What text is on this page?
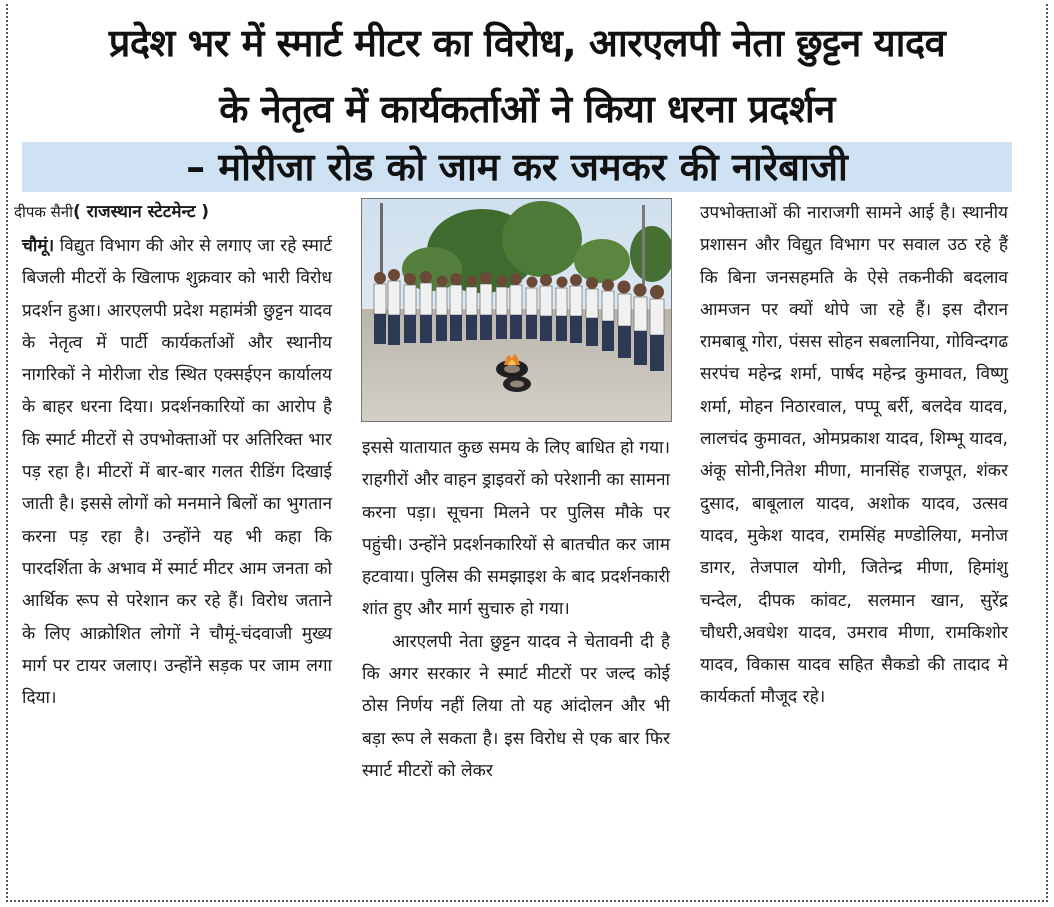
प्रदेश भर में स्मार्ट मीटर का विरोध, आरएलपी नेता छुट्टन यादव
के नेतृत्व में कार्यकर्ताओं ने किया धरना प्रदर्शन
– मोरीजा रोड को जाम कर जमकर की नारेबाजी
दीपक सैनी( राजस्थान स्टेटमेन्ट )

चौमूं। विद्युत विभाग की ओर से लगाए जा रहे स्मार्ट बिजली मीटरों के खिलाफ शुक्रवार को भारी विरोध प्रदर्शन हुआ। आरएलपी प्रदेश महामंत्री छुट्टन यादव के नेतृत्व में पार्टी कार्यकर्ताओं और स्थानीय नागरिकों ने मोरीजा रोड स्थित एक्सईएन कार्यालय के बाहर धरना दिया। प्रदर्शनकारियों का आरोप है कि स्मार्ट मीटरों से उपभोक्ताओं पर अतिरिक्त भार पड़ रहा है। मीटरों में बार-बार गलत रीडिंग दिखाई जाती है। इससे लोगों को मनमाने बिलों का भुगतान करना पड़ रहा है। उन्होंने यह भी कहा कि पारदर्शिता के अभाव में स्मार्ट मीटर आम जनता को आर्थिक रूप से परेशान कर रहे हैं। विरोध जताने के लिए आक्रोशित लोगों ने चौमूं-चंदवाजी मुख्य मार्ग पर टायर जलाए। उन्होंने सड़क पर जाम लगा दिया।

इससे यातायात कुछ समय के लिए बाधित हो गया। राहगीरों और वाहन ड्राइवरों को परेशानी का सामना करना पड़ा। सूचना मिलने पर पुलिस मौके पर पहुंची। उन्होंने प्रदर्शनकारियों से बातचीत कर जाम हटवाया। पुलिस की समझाइश के बाद प्रदर्शनकारी शांत हुए और मार्ग सुचारु हो गया।

आरएलपी नेता छुट्टन यादव ने चेतावनी दी है कि अगर सरकार ने स्मार्ट मीटरों पर जल्द कोई ठोस निर्णय नहीं लिया तो यह आंदोलन और भी बड़ा रूप ले सकता है। इस विरोध से एक बार फिर स्मार्ट मीटरों को लेकर

उपभोक्ताओं की नाराजगी सामने आई है। स्थानीय प्रशासन और विद्युत विभाग पर सवाल उठ रहे हैं कि बिना जनसहमति के ऐसे तकनीकी बदलाव आमजन पर क्यों थोपे जा रहे हैं। इस दौरान रामबाबू गोरा, पंसस सोहन सबलानिया, गोविन्दगढ सरपंच महेन्द्र शर्मा, पार्षद महेन्द्र कुमावत, विष्णु शर्मा, मोहन निठारवाल, पप्पू बर्री, बलदेव यादव, लालचंद कुमावत, ओमप्रकाश यादव, शिम्भू यादव, अंकू सोनी,नितेश मीणा, मानसिंह राजपूत, शंकर दुसाद, बाबूलाल यादव, अशोक यादव, उत्सव यादव, मुकेश यादव, रामसिंह मण्डोलिया, मनोज डागर, तेजपाल योगी, जितेन्द्र मीणा, हिमांशु चन्देल, दीपक कांवट, सलमान खान, सुरेंद्र चौधरी,अवधेश यादव, उमराव मीणा, रामकिशोर यादव, विकास यादव सहित सैकडो की तादाद मे कार्यकर्ता मौजूद रहे।
